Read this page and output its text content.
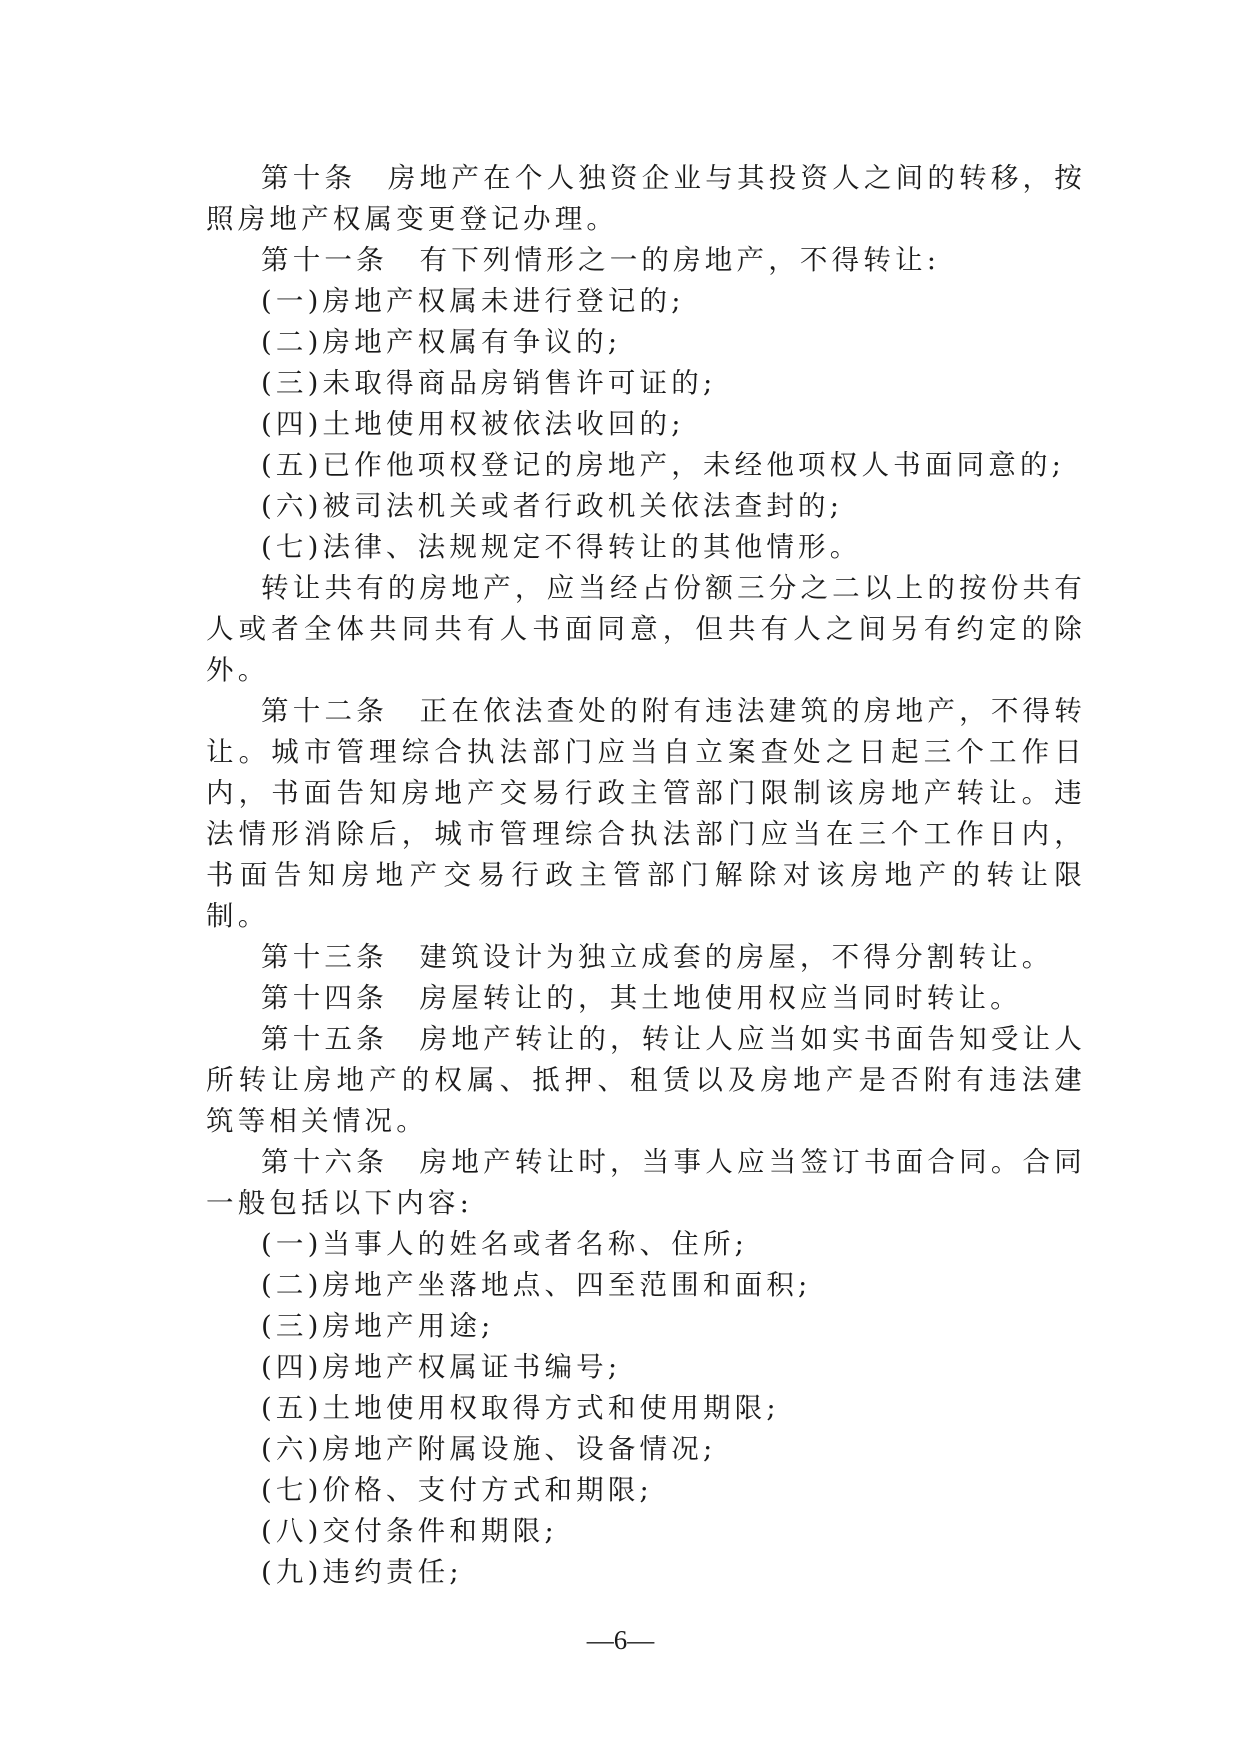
第十条　房地产在个人独资企业与其投资人之间的转移，按照房地产权属变更登记办理。

第十一条　有下列情形之一的房地产，不得转让:

(一)房地产权属未进行登记的;

(二)房地产权属有争议的;

(三)未取得商品房销售许可证的;

(四)土地使用权被依法收回的;

(五)已作他项权登记的房地产，未经他项权人书面同意的;

(六)被司法机关或者行政机关依法查封的;

(七)法律、法规规定不得转让的其他情形。

转让共有的房地产，应当经占份额三分之二以上的按份共有人或者全体共同共有人书面同意，但共有人之间另有约定的除外。

第十二条　正在依法查处的附有违法建筑的房地产，不得转让。城市管理综合执法部门应当自立案查处之日起三个工作日内，书面告知房地产交易行政主管部门限制该房地产转让。违法情形消除后，城市管理综合执法部门应当在三个工作日内，书面告知房地产交易行政主管部门解除对该房地产的转让限制。

第十三条　建筑设计为独立成套的房屋，不得分割转让。

第十四条　房屋转让的，其土地使用权应当同时转让。

第十五条　房地产转让的，转让人应当如实书面告知受让人所转让房地产的权属、抵押、租赁以及房地产是否附有违法建筑等相关情况。

第十六条　房地产转让时，当事人应当签订书面合同。合同一般包括以下内容:

(一)当事人的姓名或者名称、住所;

(二)房地产坐落地点、四至范围和面积;

(三)房地产用途;

(四)房地产权属证书编号;

(五)土地使用权取得方式和使用期限;

(六)房地产附属设施、设备情况;

(七)价格、支付方式和期限;

(八)交付条件和期限;

(九)违约责任;

—6—
